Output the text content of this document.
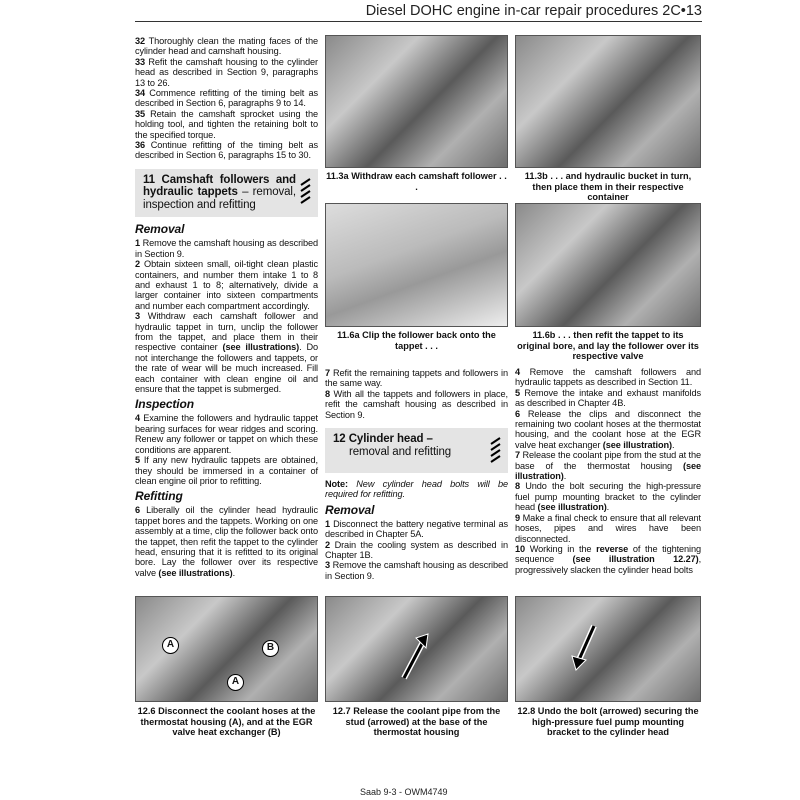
Diesel DOHC engine in-car repair procedures 2C•13

32 Thoroughly clean the mating faces of the cylinder head and camshaft housing.

33 Refit the camshaft housing to the cylinder head as described in Section 9, paragraphs 13 to 26.

34 Commence refitting of the timing belt as described in Section 6, paragraphs 9 to 14.

35 Retain the camshaft sprocket using the holding tool, and tighten the retaining bolt to the specified torque.

36 Continue refitting of the timing belt as described in Section 6, paragraphs 15 to 30.

11 Camshaft followers and hydraulic tappets – removal, inspection and refitting
Removal

1 Remove the camshaft housing as described in Section 9.

2 Obtain sixteen small, oil-tight clean plastic containers, and number them intake 1 to 8 and exhaust 1 to 8; alternatively, divide a larger container into sixteen compartments and number each compartment accordingly.

3 Withdraw each camshaft follower and hydraulic tappet in turn, unclip the follower from the tappet, and place them in their respective container (see illustrations). Do not interchange the followers and tappets, or the rate of wear will be much increased. Fill each container with clean engine oil and ensure that the tappet is submerged.

Inspection

4 Examine the followers and hydraulic tappet bearing surfaces for wear ridges and scoring. Renew any follower or tappet on which these conditions are apparent.

5 If any new hydraulic tappets are obtained, they should be immersed in a container of clean engine oil prior to refitting.

Refitting

6 Liberally oil the cylinder head hydraulic tappet bores and the tappets. Working on one assembly at a time, clip the follower back onto the tappet, then refit the tappet to the cylinder head, ensuring that it is refitted to its original bore. Lay the follower over its respective valve (see illustrations).

7 Refit the remaining tappets and followers in the same way.

8 With all the tappets and followers in place, refit the camshaft housing as described in Section 9.

12 Cylinder head –
removal and refitting

Note: New cylinder head bolts will be required for refitting.

Removal

1 Disconnect the battery negative terminal as described in Chapter 5A.

2 Drain the cooling system as described in Chapter 1B.

3 Remove the camshaft housing as described in Section 9.

4 Remove the camshaft followers and hydraulic tappets as described in Section 11.

5 Remove the intake and exhaust manifolds as described in Chapter 4B.

6 Release the clips and disconnect the remaining two coolant hoses at the thermostat housing, and the coolant hose at the EGR valve heat exchanger (see illustration).

7 Release the coolant pipe from the stud at the base of the thermostat housing (see illustration).

8 Undo the bolt securing the high-pressure fuel pump mounting bracket to the cylinder head (see illustration).

9 Make a final check to ensure that all relevant hoses, pipes and wires have been disconnected.

10 Working in the reverse of the tightening sequence (see illustration 12.27), progressively slacken the cylinder head bolts

11.3a Withdraw each camshaft follower . . .
11.3b . . . and hydraulic bucket in turn, then place them in their respective container
11.6a Clip the follower back onto the tappet . . .
11.6b . . . then refit the tappet to its original bore, and lay the follower over its respective valve
A	B
A
12.6 Disconnect the coolant hoses at the thermostat housing (A), and at the EGR valve heat exchanger (B)
12.7 Release the coolant pipe from the stud (arrowed) at the base of the thermostat housing
12.8 Undo the bolt (arrowed) securing the high-pressure fuel pump mounting bracket to the cylinder head
Saab 9-3 - OWM4749
